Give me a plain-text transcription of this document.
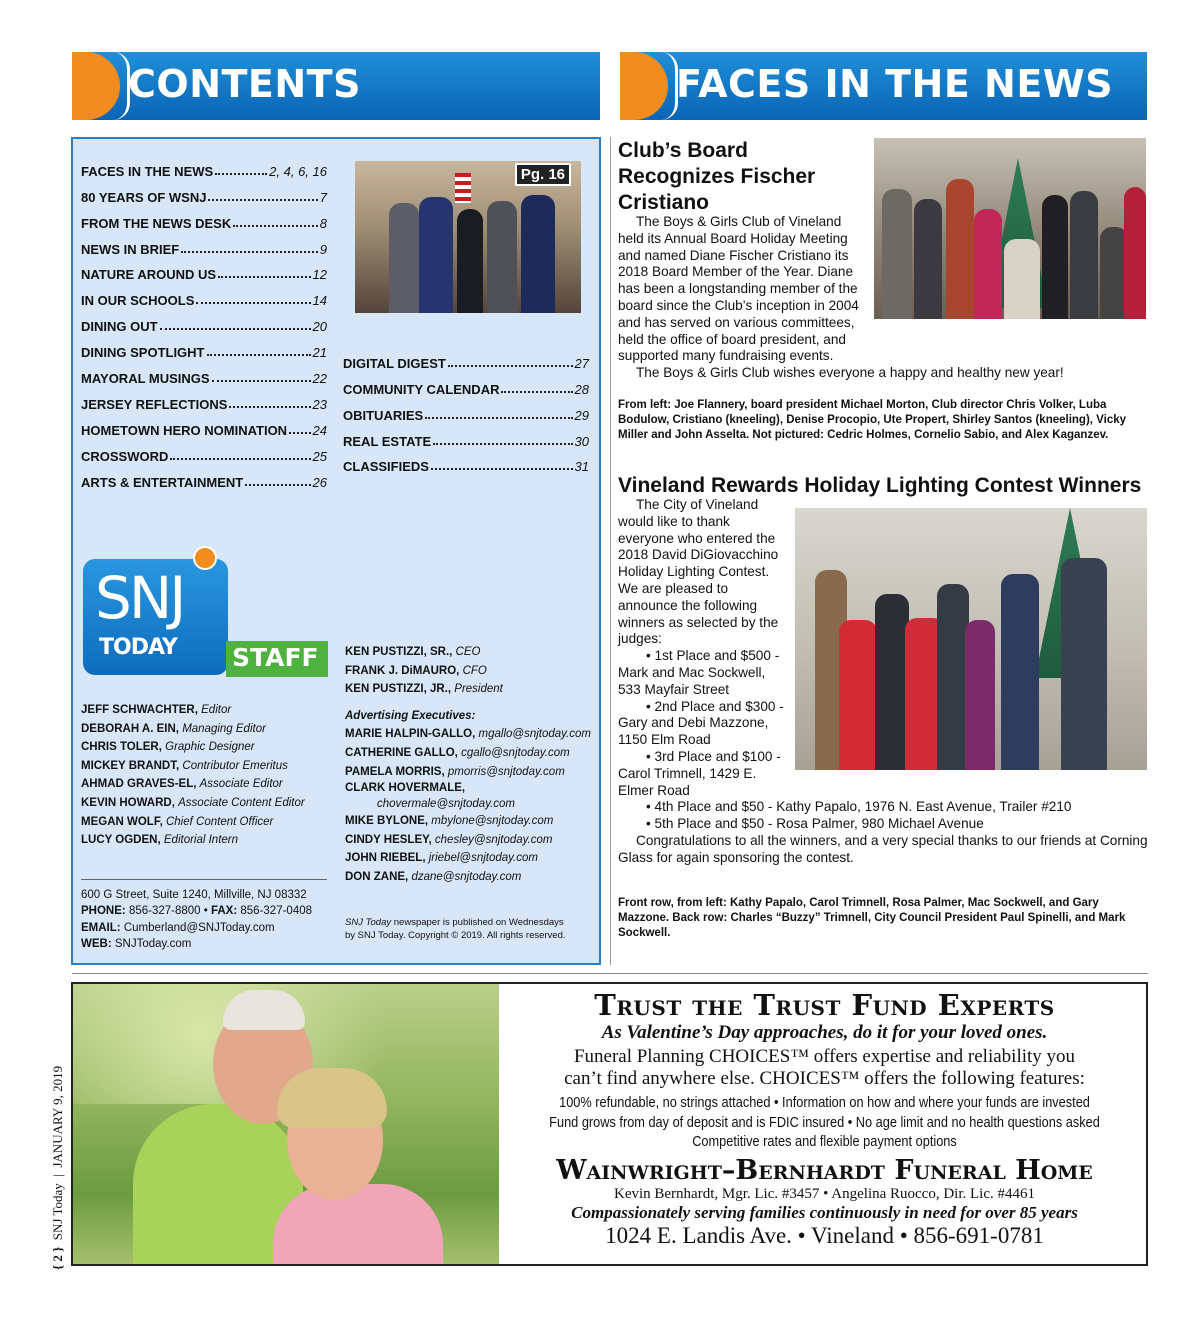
CONTENTS	FACES IN THE NEWS
FACES IN THE NEWS	2, 4, 6, 16
80 YEARS OF WSNJ	7
FROM THE NEWS DESK	8
NEWS IN BRIEF	9
NATURE AROUND US	12
IN OUR SCHOOLS	14
DINING OUT	20
DINING SPOTLIGHT	21
MAYORAL MUSINGS	22
JERSEY REFLECTIONS	23
HOMETOWN HERO NOMINATION 24
CROSSWORD	25
ARTS & ENTERTAINMENT	26
Pg. 16
DIGITAL DIGEST	27
COMMUNITY CALENDAR	28
OBITUARIES	29
REAL ESTATE	30
CLASSIFIEDS	31
SNJ
TODAY STAFF
JEFF SCHWACHTER, Editor
DEBORAH A. EIN, Managing Editor
CHRIS TOLER, Graphic Designer
MICKEY BRANDT, Contributor Emeritus
AHMAD GRAVES-EL, Associate Editor
KEVIN HOWARD, Associate Content Editor
MEGAN WOLF, Chief Content Officer
LUCY OGDEN, Editorial Intern
KEN PUSTIZZI, SR., CEO
FRANK J. DiMAURO, CFO
KEN PUSTIZZI, JR., President
Advertising Executives:
MARIE HALPIN-GALLO, mgallo@snjtoday.com
CATHERINE GALLO, cgallo@snjtoday.com
PAMELA MORRIS, pmorris@snjtoday.com
CLARK HOVERMALE,
chovermale@snjtoday.com
MIKE BYLONE, mbylone@snjtoday.com
CINDY HESLEY, chesley@snjtoday.com
JOHN RIEBEL, jriebel@snjtoday.com
DON ZANE, dzane@snjtoday.com
600 G Street, Suite 1240, Millville, NJ 08332
PHONE: 856-327-8800 • FAX: 856-327-0408
EMAIL: Cumberland@SNJToday.com
WEB: SNJToday.com
SNJ Today newspaper is published on Wednesdays
by SNJ Today. Copyright © 2019. All rights reserved.
Club’s Board Recognizes Fischer Cristiano

The Boys & Girls Club of Vineland held its Annual Board Holiday Meeting and named Diane Fischer Cristiano its 2018 Board Member of the Year. Diane has been a longstanding member of the board since the Club’s inception in 2004 and has served on various committees, held the office of board president, and supported many fundraising events.

The Boys & Girls Club wishes everyone a happy and healthy new year!

From left: Joe Flannery, board president Michael Morton, Club director Chris Volker, Luba Bodulow, Cristiano (kneeling), Denise Procopio, Ute Propert, Shirley Santos (kneeling), Vicky Miller and John Asselta. Not pictured: Cedric Holmes, Cornelio Sabio, and Alex Kaganzev.
Vineland Rewards Holiday Lighting Contest Winners

The City of Vineland would like to thank everyone who entered the 2018 David DiGiovacchino Holiday Lighting Contest. We are pleased to announce the following winners as selected by the judges:

• 1st Place and $500 - Mark and Mac Sockwell, 533 Mayfair Street
• 2nd Place and $300 - Gary and Debi Mazzone, 1150 Elm Road
• 3rd Place and $100 - Carol Trimnell, 1429 E. Elmer Road
• 4th Place and $50 - Kathy Papalo, 1976 N. East Avenue, Trailer #210
• 5th Place and $50 - Rosa Palmer, 980 Michael Avenue

Congratulations to all the winners, and a very special thanks to our friends at Corning Glass for again sponsoring the contest.

Front row, from left: Kathy Papalo, Carol Trimnell, Rosa Palmer, Mac Sockwell, and Gary Mazzone. Back row: Charles “Buzzy” Trimnell, City Council President Paul Spinelli, and Mark Sockwell.
Trust the Trust Fund Experts
As Valentine’s Day approaches, do it for your loved ones.
Funeral Planning CHOICES™ offers expertise and reliability you
can’t find anywhere else. CHOICES™ offers the following features:
100% refundable, no strings attached • Information on how and where your funds are invested
Fund grows from day of deposit and is FDIC insured • No age limit and no health questions asked
Competitive rates and flexible payment options
Wainwright–Bernhardt Funeral Home
Kevin Bernhardt, Mgr. Lic. #3457 • Angelina Ruocco, Dir. Lic. #4461
Compassionately serving families continuously in need for over 85 years
1024 E. Landis Ave. • Vineland • 856-691-0781
{ 2 }  SNJ Today  |  JANUARY 9, 2019
